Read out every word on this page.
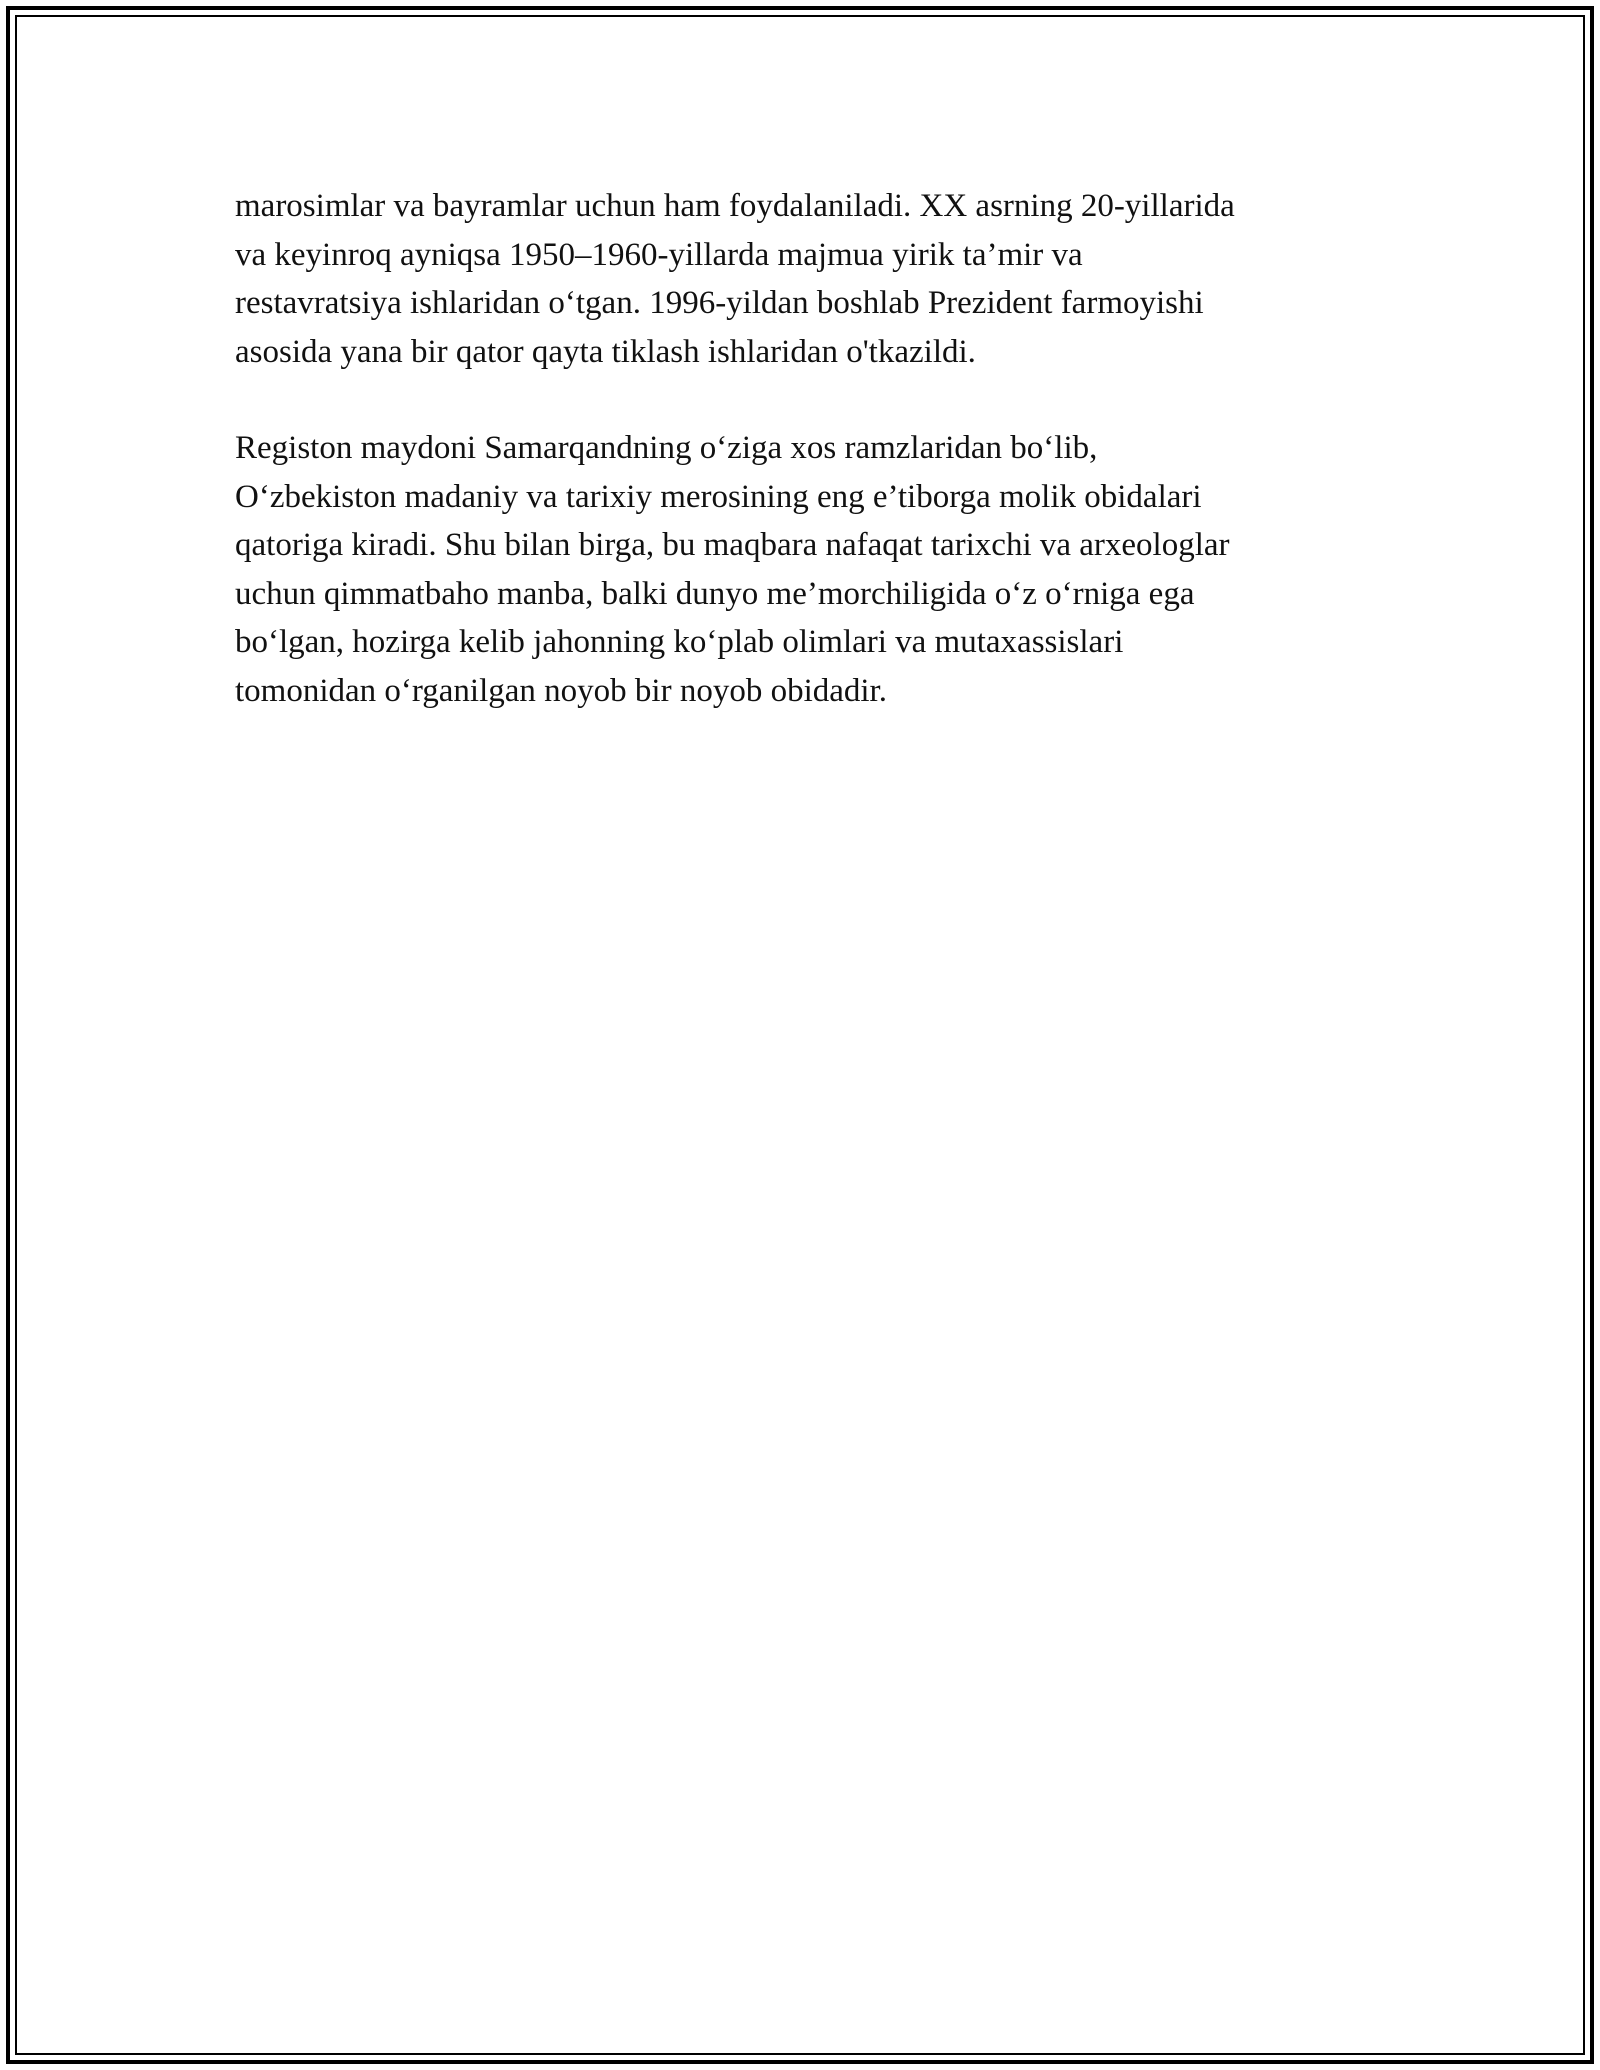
marosimlar va bayramlar uchun ham foydalaniladi. XX asrning 20-yillarida
va keyinroq ayniqsa 1950–1960-yillarda majmua yirik ta’mir va
restavratsiya ishlaridan o‘tgan. 1996-yildan boshlab Prezident farmoyishi
asosida yana bir qator qayta tiklash ishlaridan o'tkazildi.

Registon maydoni Samarqandning o‘ziga xos ramzlaridan bo‘lib,
O‘zbekiston madaniy va tarixiy merosining eng e’tiborga molik obidalari
qatoriga kiradi. Shu bilan birga, bu maqbara nafaqat tarixchi va arxeologlar
uchun qimmatbaho manba, balki dunyo me’morchiligida o‘z o‘rniga ega
bo‘lgan, hozirga kelib jahonning ko‘plab olimlari va mutaxassislari
tomonidan o‘rganilgan noyob bir noyob obidadir.
